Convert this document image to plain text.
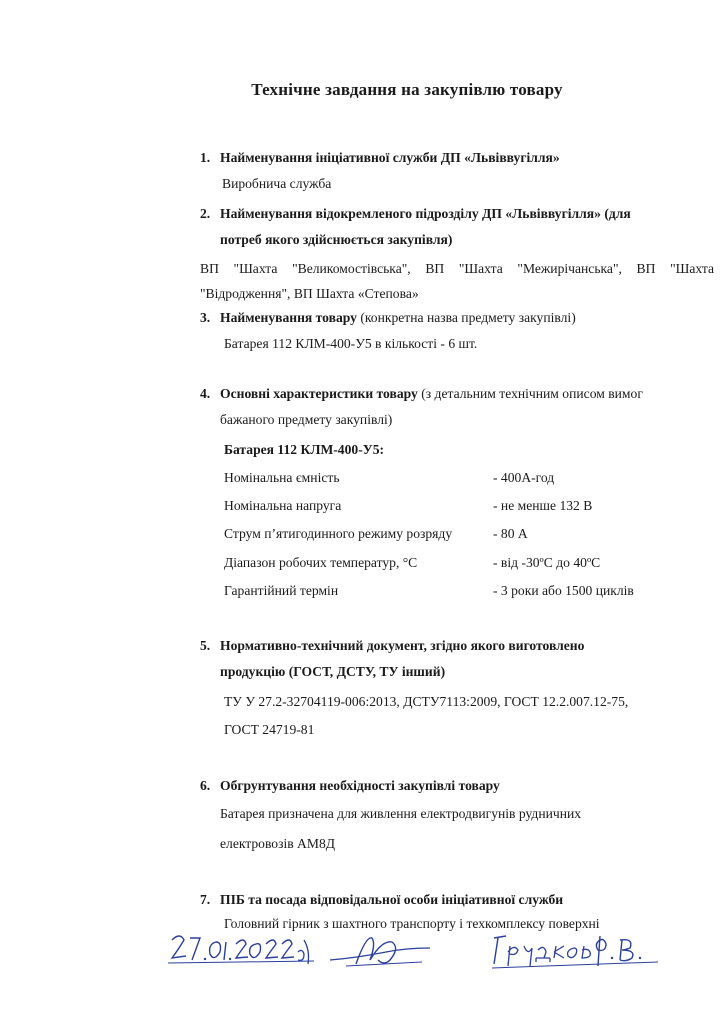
Технічне завдання на закупівлю товару
1. Найменування ініціативної служби ДП «Львіввугілля»
Виробнича служба
2. Найменування відокремленого підрозділу ДП «Львіввугілля» (для
потреб якого здійснюється закупівля)
ВП "Шахта "Великомостівська", ВП "Шахта "Межирічанська", ВП "Шахта "Відродження", ВП Шахта «Степова»
3. Найменування товару (конкретна назва предмету закупівлі)
Батарея 112 КЛМ-400-У5 в кількості - 6 шт.
4. Основні характеристики товару (з детальним технічним описом вимог
бажаного предмету закупівлі)
Батарея 112 КЛМ-400-У5:
Номінальна ємність	- 400А-год
Номінальна напруга	- не менше 132 В
Струм п’ятигодинного режиму розряду	- 80 А
Діапазон робочих температур, °С	- від -30ºС до 40ºС
Гарантійний термін	- 3 роки або 1500 циклів
5. Нормативно-технічний документ, згідно якого виготовлено
продукцію (ГОСТ, ДСТУ, ТУ інший)
ТУ У 27.2-32704119-006:2013, ДСТУ7113:2009, ГОСТ 12.2.007.12-75,
ГОСТ 24719-81
6. Обгрунтування необхідності закупівлі товару
Батарея призначена для живлення електродвигунів рудничних
електровозів АМ8Д
7. ПІБ та посада відповідальної особи ініціативної служби
Головний гірник з шахтного транспорту і техкомплексу поверхні
